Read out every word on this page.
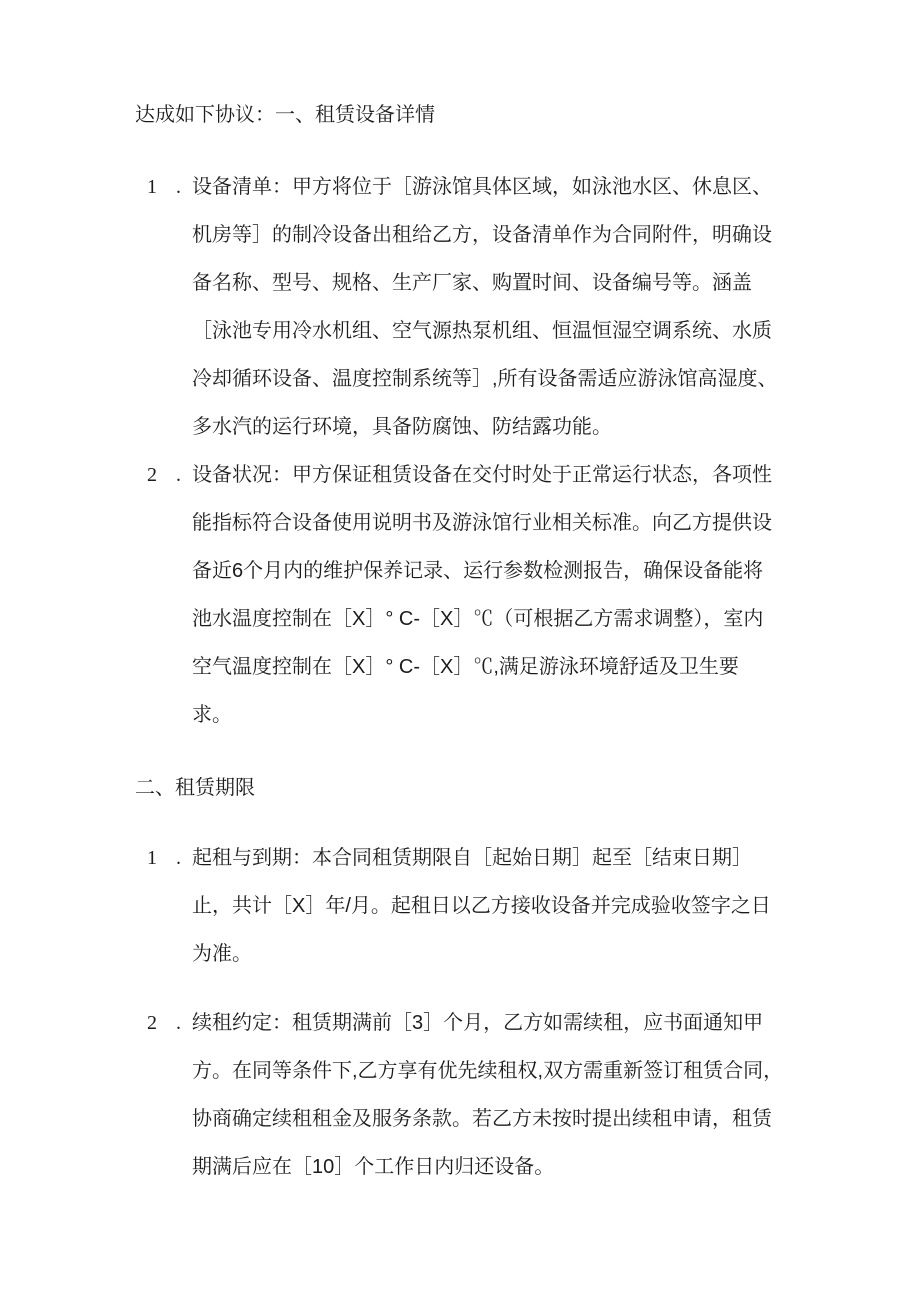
达成如下协议：一、租赁设备详情
1 . 设备清单：甲方将位于［游泳馆具体区域，如泳池水区、休息区、
机房等］的制冷设备出租给乙方，设备清单作为合同附件，明确设
备名称、型号、规格、生产厂家、购置时间、设备编号等。涵盖
［泳池专用冷水机组、空气源热泵机组、恒温恒湿空调系统、水质
冷却循环设备、温度控制系统等］,所有设备需适应游泳馆高湿度、
多水汽的运行环境，具备防腐蚀、防结露功能。
2 . 设备状况：甲方保证租赁设备在交付时处于正常运行状态，各项性
能指标符合设备使用说明书及游泳馆行业相关标准。向乙方提供设
备近6个月内的维护保养记录、运行参数检测报告，确保设备能将
池水温度控制在［X］° C-［X］℃（可根据乙方需求调整），室内
空气温度控制在［X］° C-［X］℃,满足游泳环境舒适及卫生要
求。
二、租赁期限
1 . 起租与到期：本合同租赁期限自［起始日期］起至［结束日期］
止，共计［X］年/月。起租日以乙方接收设备并完成验收签字之日
为准。
2 . 续租约定：租赁期满前［3］个月，乙方如需续租，应书面通知甲
方。在同等条件下,乙方享有优先续租权,双方需重新签订租赁合同，
协商确定续租租金及服务条款。若乙方未按时提出续租申请，租赁
期满后应在［10］个工作日内归还设备。
